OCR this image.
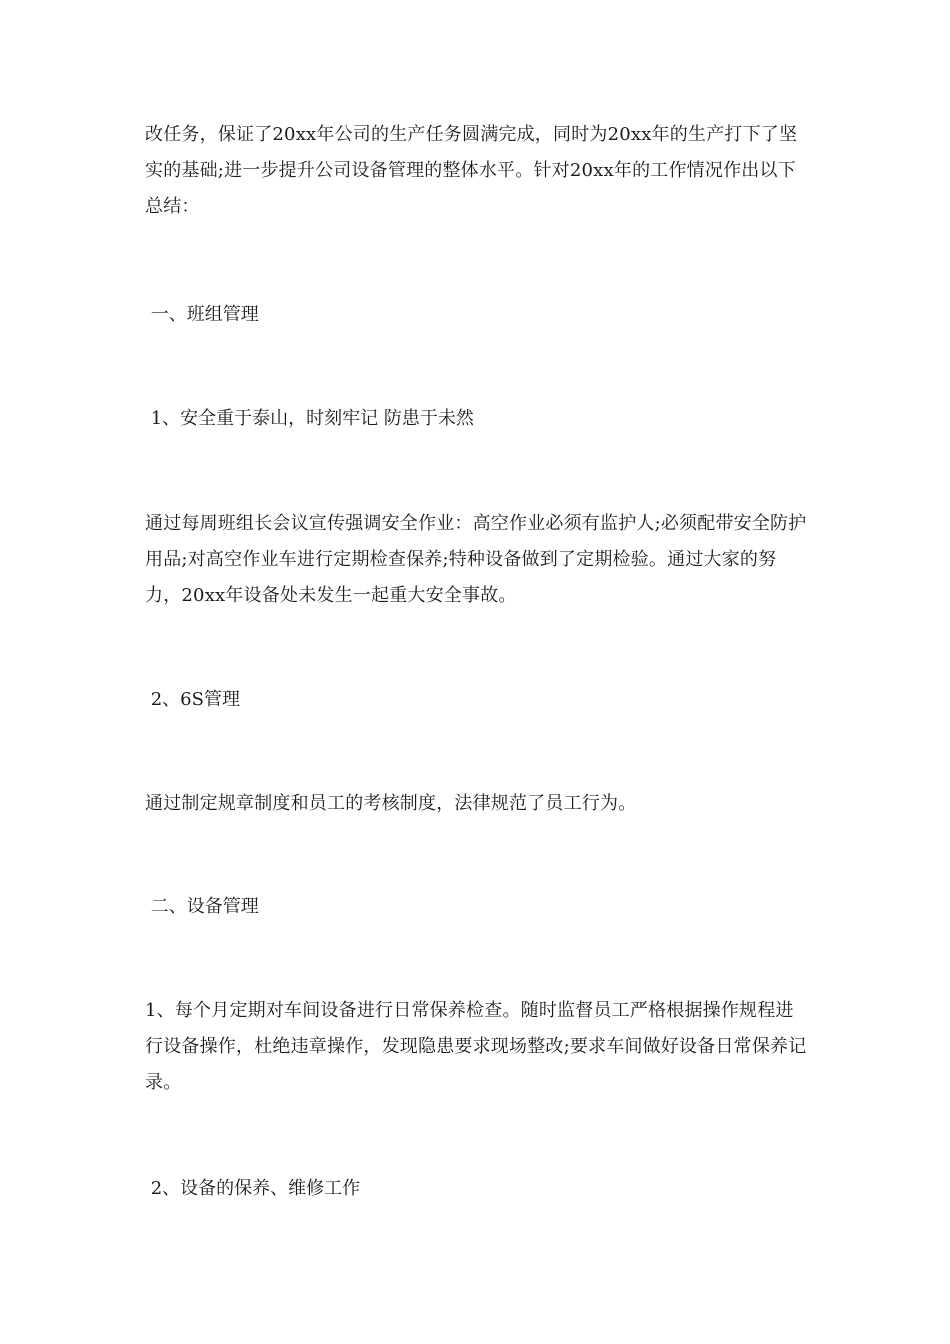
改任务，保证了20xx年公司的生产任务圆满完成，同时为20xx年的生产打下了坚实的基础;进一步提升公司设备管理的整体水平。针对20xx年的工作情况作出以下总结：

一、班组管理

1、安全重于泰山，时刻牢记 防患于未然

通过每周班组长会议宣传强调安全作业：高空作业必须有监护人;必须配带安全防护用品;对高空作业车进行定期检查保养;特种设备做到了定期检验。通过大家的努力，20xx年设备处未发生一起重大安全事故。

2、6S管理

通过制定规章制度和员工的考核制度，法律规范了员工行为。

二、设备管理

1、每个月定期对车间设备进行日常保养检查。随时监督员工严格根据操作规程进行设备操作，杜绝违章操作，发现隐患要求现场整改;要求车间做好设备日常保养记录。

2、设备的保养、维修工作
